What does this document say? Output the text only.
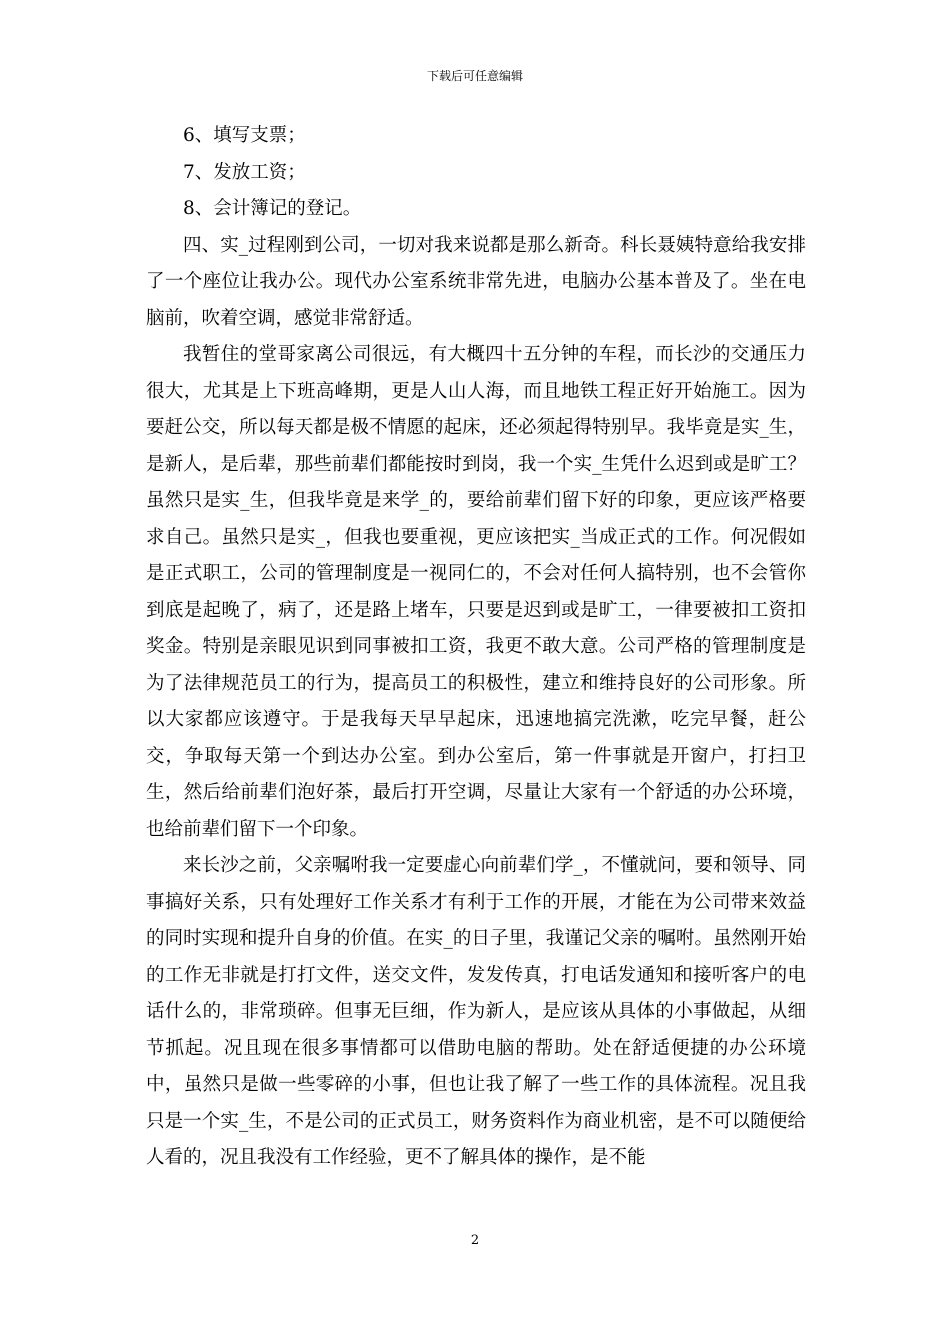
下载后可任意编辑

6、填写支票；

7、发放工资；

8、会计簿记的登记。

四、实_过程刚到公司，一切对我来说都是那么新奇。科长聂姨特意给我安排了一个座位让我办公。现代办公室系统非常先进，电脑办公基本普及了。坐在电脑前，吹着空调，感觉非常舒适。

我暂住的堂哥家离公司很远，有大概四十五分钟的车程，而长沙的交通压力很大，尤其是上下班高峰期，更是人山人海，而且地铁工程正好开始施工。因为要赶公交，所以每天都是极不情愿的起床，还必须起得特别早。我毕竟是实_生，是新人，是后辈，那些前辈们都能按时到岗，我一个实_生凭什么迟到或是旷工？虽然只是实_生，但我毕竟是来学_的，要给前辈们留下好的印象，更应该严格要求自己。虽然只是实_，但我也要重视，更应该把实_当成正式的工作。何况假如是正式职工，公司的管理制度是一视同仁的，不会对任何人搞特别，也不会管你到底是起晚了，病了，还是路上堵车，只要是迟到或是旷工，一律要被扣工资扣奖金。特别是亲眼见识到同事被扣工资，我更不敢大意。公司严格的管理制度是为了法律规范员工的行为，提高员工的积极性，建立和维持良好的公司形象。所以大家都应该遵守。于是我每天早早起床，迅速地搞完洗漱，吃完早餐，赶公交，争取每天第一个到达办公室。到办公室后，第一件事就是开窗户，打扫卫生，然后给前辈们泡好茶，最后打开空调，尽量让大家有一个舒适的办公环境，也给前辈们留下一个印象。

来长沙之前，父亲嘱咐我一定要虚心向前辈们学_，不懂就问，要和领导、同事搞好关系，只有处理好工作关系才有利于工作的开展，才能在为公司带来效益的同时实现和提升自身的价值。在实_的日子里，我谨记父亲的嘱咐。虽然刚开始的工作无非就是打打文件，送交文件，发发传真，打电话发通知和接听客户的电话什么的，非常琐碎。但事无巨细，作为新人，是应该从具体的小事做起，从细节抓起。况且现在很多事情都可以借助电脑的帮助。处在舒适便捷的办公环境中，虽然只是做一些零碎的小事，但也让我了解了一些工作的具体流程。况且我只是一个实_生，不是公司的正式员工，财务资料作为商业机密，是不可以随便给人看的，况且我没有工作经验，更不了解具体的操作，是不能

2
